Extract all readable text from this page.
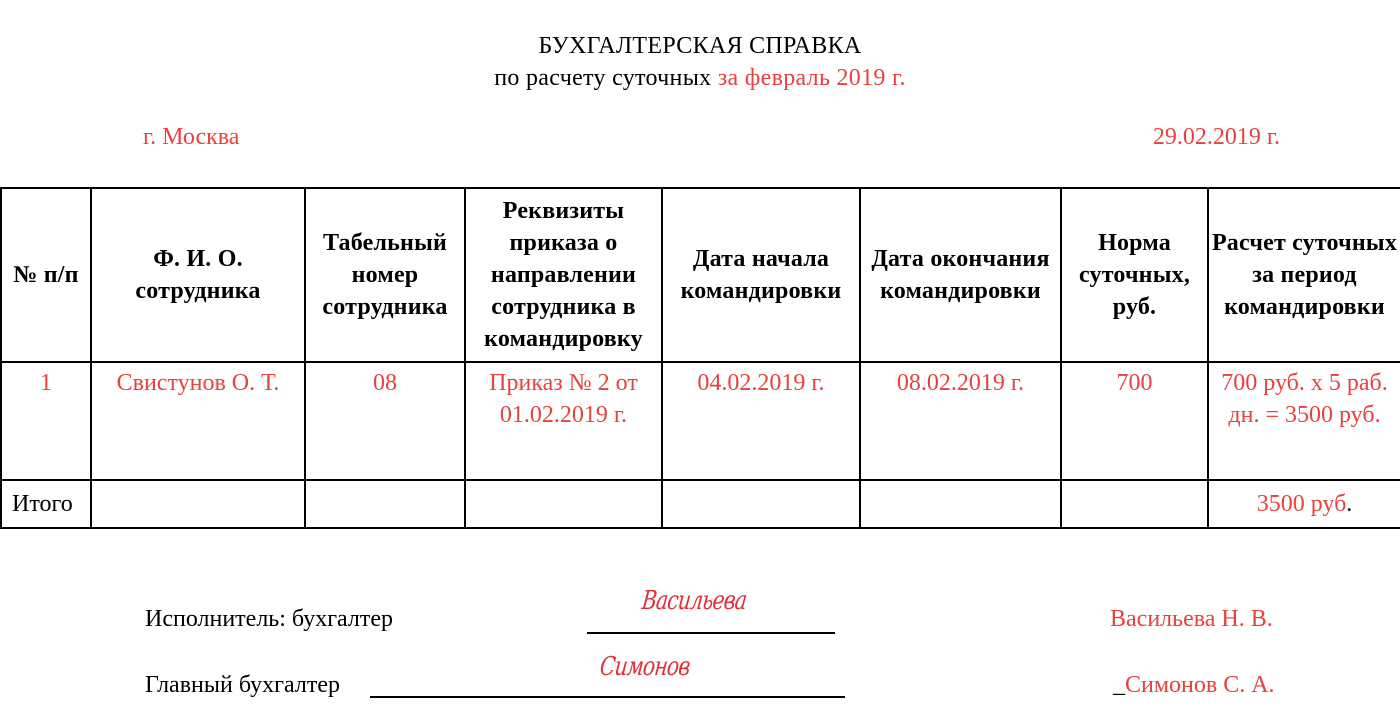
БУХГАЛТЕРСКАЯ СПРАВКА
по расчету суточных за февраль 2019 г.
г. Москва	29.02.2019 г.
№ п/п	Ф. И. О. сотрудника	Табельный номер сотрудника	Реквизиты приказа о направлении сотрудника в командировку	Дата начала командировки	Дата окончания командировки	Норма суточных, руб.	Расчет суточных за период командировки
1	Свистунов О. Т.	08	Приказ № 2 от 01.02.2019 г.	04.02.2019 г.	08.02.2019 г.	700	700 руб. х 5 раб. дн. = 3500 руб.
Итого							3500 руб.
Исполнитель: бухгалтер
Васильева
Васильева Н. В.
Главный бухгалтер
Симонов
_Симонов С. А.
